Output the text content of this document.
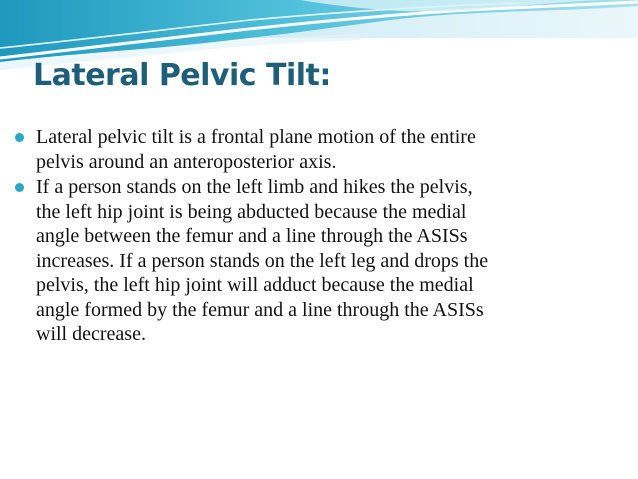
Lateral Pelvic Tilt:
Lateral pelvic tilt is a frontal plane motion of the entire
pelvis around an anteroposterior axis.
If a person stands on the left limb and hikes the pelvis,
the left hip joint is being abducted because the medial
angle between the femur and a line through the ASISs
increases. If a person stands on the left leg and drops the
pelvis, the left hip joint will adduct because the medial
angle formed by the femur and a line through the ASISs
will decrease.
